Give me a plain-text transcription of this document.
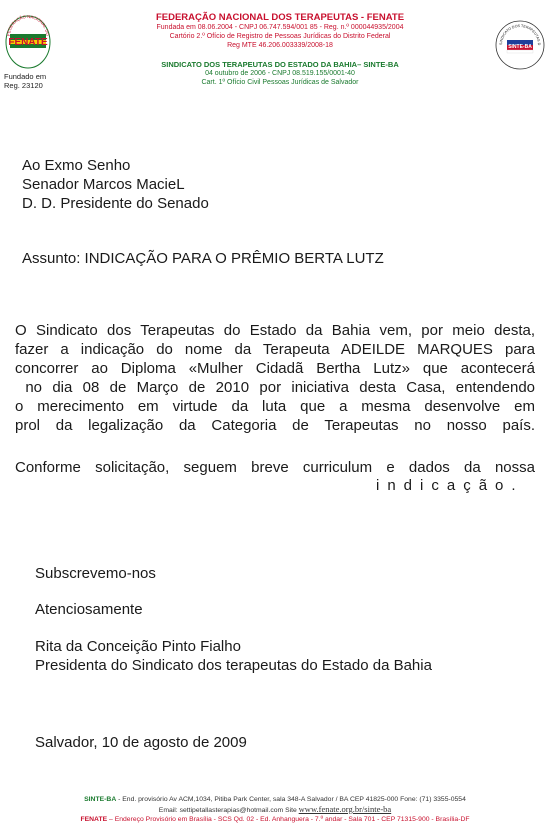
FENATE
FEDERAÇÃO NACIONAL DO
Fundado em
Reg. 23120
FEDERAÇÃO NACIONAL DOS TERAPEUTAS - FENATE
Fundada em 08.06.2004 - CNPJ 06.747.594/001 85 - Reg. n.º 000044935/2004
Cartório 2.º Ofício de Registro de Pessoas Jurídicas do Distrito Federal
Reg MTE 46.206.003339/2008-18
SINDICATO DOS TERAPEUTAS DO ESTADO DA BAHIA– SINTE-BA
04 outubro de 2006 - CNPJ 08.519.155/0001-40
Cart. 1º Ofício Civil Pessoas Jurídicas de Salvador
SINDICATO DOS TERAPEUTAS D
SINTE-BA
Ao Exmo Senho
Senador Marcos MacieL
D. D. Presidente do Senado
Assunto: INDICAÇÃO PARA O PRÊMIO BERTA LUTZ
O Sindicato dos Terapeutas do Estado da Bahia vem, por meio desta,
fazer a indicação do nome da Terapeuta ADEILDE MARQUES para
concorrer ao Diploma «Mulher Cidadã Bertha Lutz» que acontecerá
no dia 08 de Março de 2010 por iniciativa desta Casa, entendendo
o merecimento em virtude da luta que a mesma desenvolve em
prol da legalização da Categoria de Terapeutas no nosso país.
Conforme solicitação, seguem breve curriculum e dados da nossa
indicação.
Subscrevemo-nos
Atenciosamente
Rita da Conceição Pinto Fialho
Presidenta do Sindicato dos terapeutas do Estado da Bahia
Salvador, 10 de agosto de 2009
SINTE-BA - End. provisório Av ACM,1034, Pitiba Park Center, sala 348-A Salvador / BA CEP 41825-000 Fone: (71) 3355-0554
Email: settipetallasterapias@hotmail.com Site www.fenate.org.br/sinte-ba
FENATE – Endereço Provisório em Brasília - SCS Qd. 02 - Ed. Anhanguera - 7.º andar - Sala 701 - CEP 71315-900 - Brasília-DF
